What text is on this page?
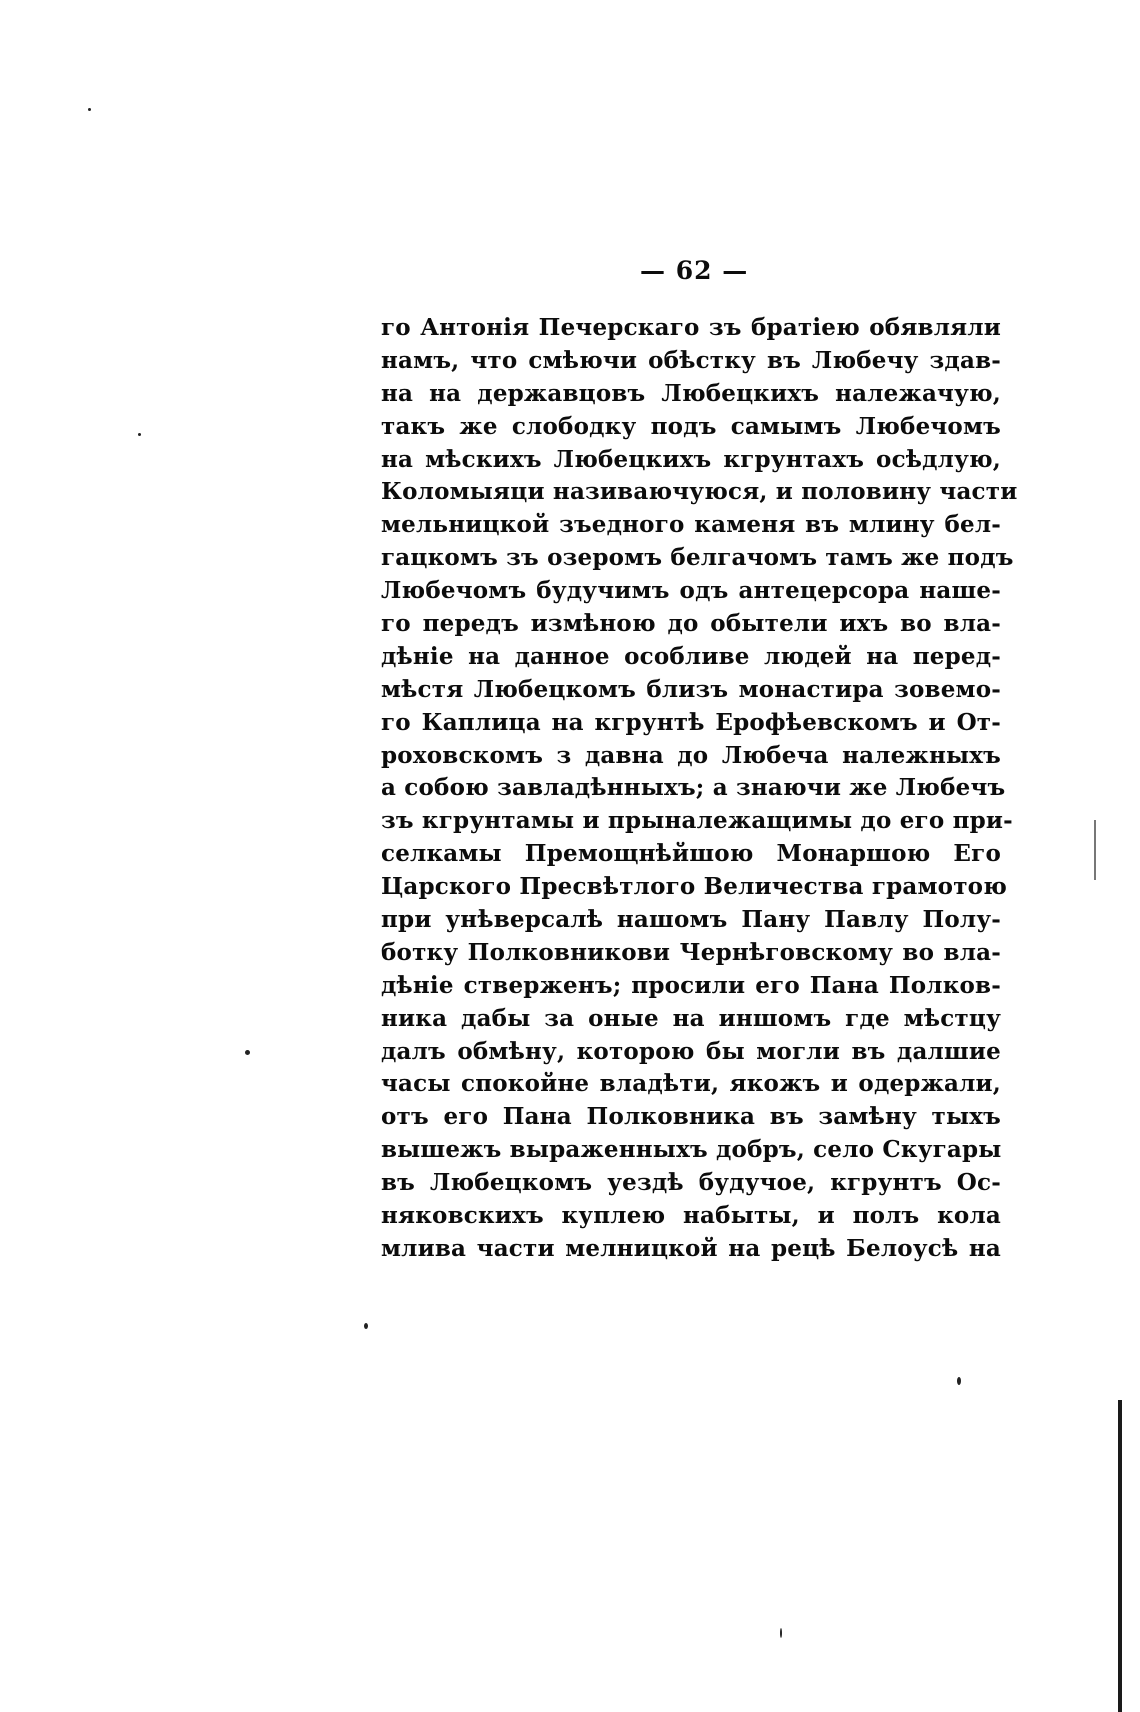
— 62 —
го Антонія Печерскаго зъ братіею обявляли
намъ, что смѣючи обѣстку въ Любечу здав-
на на державцовъ Любецкихъ належачую,
такъ же слободку подъ самымъ Любечомъ
на мѣскихъ Любецкихъ кгрунтахъ осѣдлую,
Коломыяци називаючуюся, и половину части
мельницкой зъедного каменя въ млину бел-
гацкомъ зъ озеромъ белгачомъ тамъ же подъ
Любечомъ будучимъ одъ антецерсора наше-
го передъ измѣною до обытели ихъ во вла-
дѣніе на данное особливе людей на перед-
мѣстя Любецкомъ близъ монастира зовемо-
го Каплица на кгрунтѣ Ерофѣевскомъ и От-
роховскомъ з давна до Любеча належныхъ
а собою завладѣнныхъ; а знаючи же Любечъ
зъ кгрунтамы и прыналежащимы до его при-
селкамы Премощнѣйшою Монаршою Его
Царского Пресвѣтлого Величества грамотою
при унѣверсалѣ нашомъ Пану Павлу Полу-
ботку Полковникови Чернѣговскому во вла-
дѣніе стверженъ; просили его Пана Полков-
ника дабы за оные на иншомъ где мѣстцу
далъ обмѣну, которою бы могли въ далшие
часы спокойне владѣти, якожъ и одержали,
отъ его Пана Полковника въ замѣну тыхъ
вышежъ выраженныхъ добръ, село Скугары
въ Любецкомъ уездѣ будучое, кгрунтъ Ос-
няковскихъ куплею набыты, и полъ кола
млива части мелницкой на рецѣ Белоусѣ на
